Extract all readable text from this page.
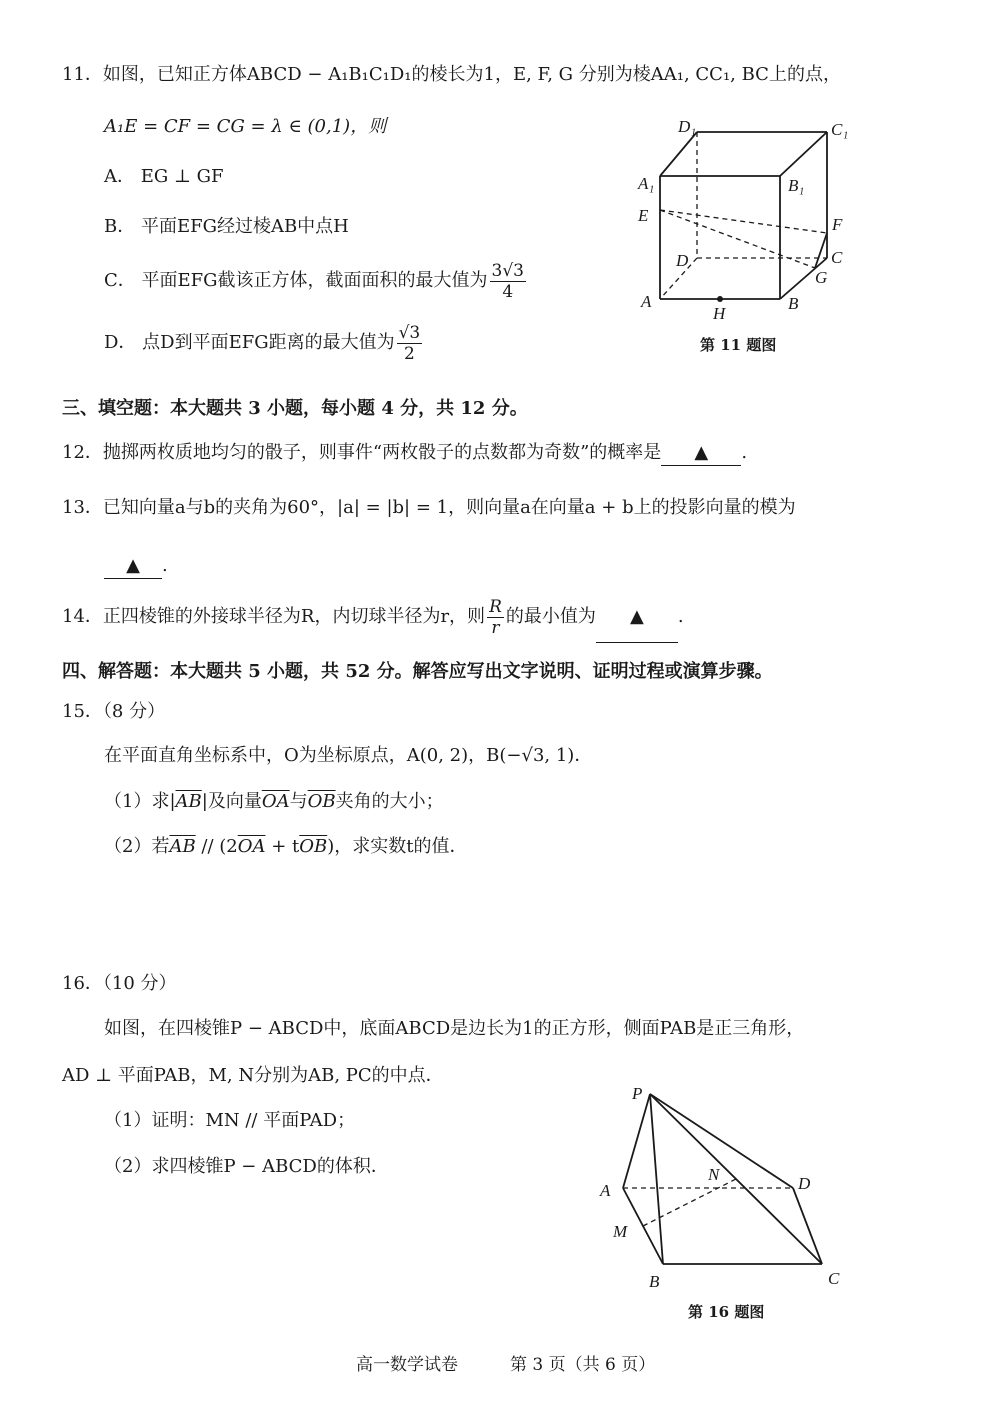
11．如图，已知正方体ABCD − A₁B₁C₁D₁的棱长为1，E, F, G 分别为棱AA₁, CC₁, BC上的点，
A₁E = CF = CG = λ ∈ (0,1)，则
A． EG ⊥ GF
B． 平面EFG经过棱AB中点H
C． 平面EFG截该正方体，截面面积的最大值为 $\frac{3√3}{4}$
D． 点D到平面EFG距离的最大值为 $\frac{√3}{2}$
D₁	C₁
A₁	B₁
E	F
D	C
G
A	B
H
第 11 题图
三、填空题：本大题共 3 小题，每小题 4 分，共 12 分。
12．抛掷两枚质地均匀的骰子，则事件“两枚骰子的点数都为奇数”的概率是 ▲ .
13．已知向量a与b的夹角为60°，|a| = |b| = 1，则向量a在向量a + b上的投影向量的模为
▲ .
14．正四棱锥的外接球半径为R，内切球半径为r，则 $\frac{R}{r}$ 的最小值为 ▲ .
四、解答题：本大题共 5 小题，共 52 分。解答应写出文字说明、证明过程或演算步骤。
15．（8 分）
在平面直角坐标系中，O为坐标原点，A(0, 2)，B(−√3, 1)．
（1）求$|\overline{AB}|$及向量$\overline{OA}$与$\overline{OB}$夹角的大小；
（2）若$\overline{AB} // (2\overline{OA} + t\overline{OB})$，求实数t的值．
16．（10 分）
如图，在四棱锥P − ABCD中，底面ABCD是边长为1的正方形，侧面PAB是正三角形，
AD ⊥ 平面PAB，M, N分别为AB, PC的中点．
（1）证明：MN // 平面PAD；
（2）求四棱锥P − ABCD的体积．
P
A
N	D
M
B	C
第 16 题图
高一数学试卷	第 3 页（共 6 页）
